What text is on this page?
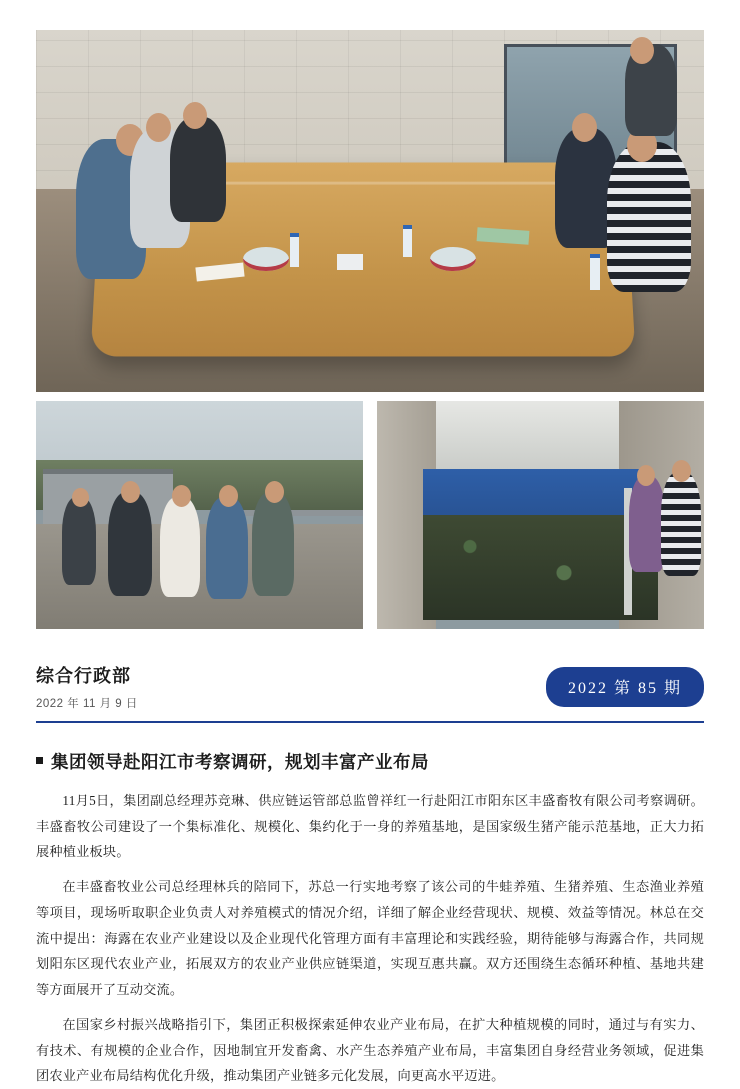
综合行政部
2022 年 11 月 9 日
2022 第 85 期
集团领导赴阳江市考察调研，规划丰富产业布局

11月5日，集团副总经理苏竞琳、供应链运管部总监曾祥红一行赴阳江市阳东区丰盛畜牧有限公司考察调研。丰盛畜牧公司建设了一个集标准化、规模化、集约化于一身的养殖基地，是国家级生猪产能示范基地，正大力拓展种植业板块。

在丰盛畜牧业公司总经理林兵的陪同下，苏总一行实地考察了该公司的牛蛙养殖、生猪养殖、生态渔业养殖等项目，现场听取职企业负责人对养殖模式的情况介绍，详细了解企业经营现状、规模、效益等情况。林总在交流中提出：海露在农业产业建设以及企业现代化管理方面有丰富理论和实践经验，期待能够与海露合作，共同规划阳东区现代农业产业，拓展双方的农业产业供应链渠道，实现互惠共赢。双方还围绕生态循环种植、基地共建等方面展开了互动交流。

在国家乡村振兴战略指引下，集团正积极探索延伸农业产业布局，在扩大种植规模的同时，通过与有实力、有技术、有规模的企业合作，因地制宜开发畜禽、水产生态养殖产业布局，丰富集团自身经营业务领域，促进集团农业产业布局结构优化升级，推动集团产业链多元化发展，向更高水平迈进。
